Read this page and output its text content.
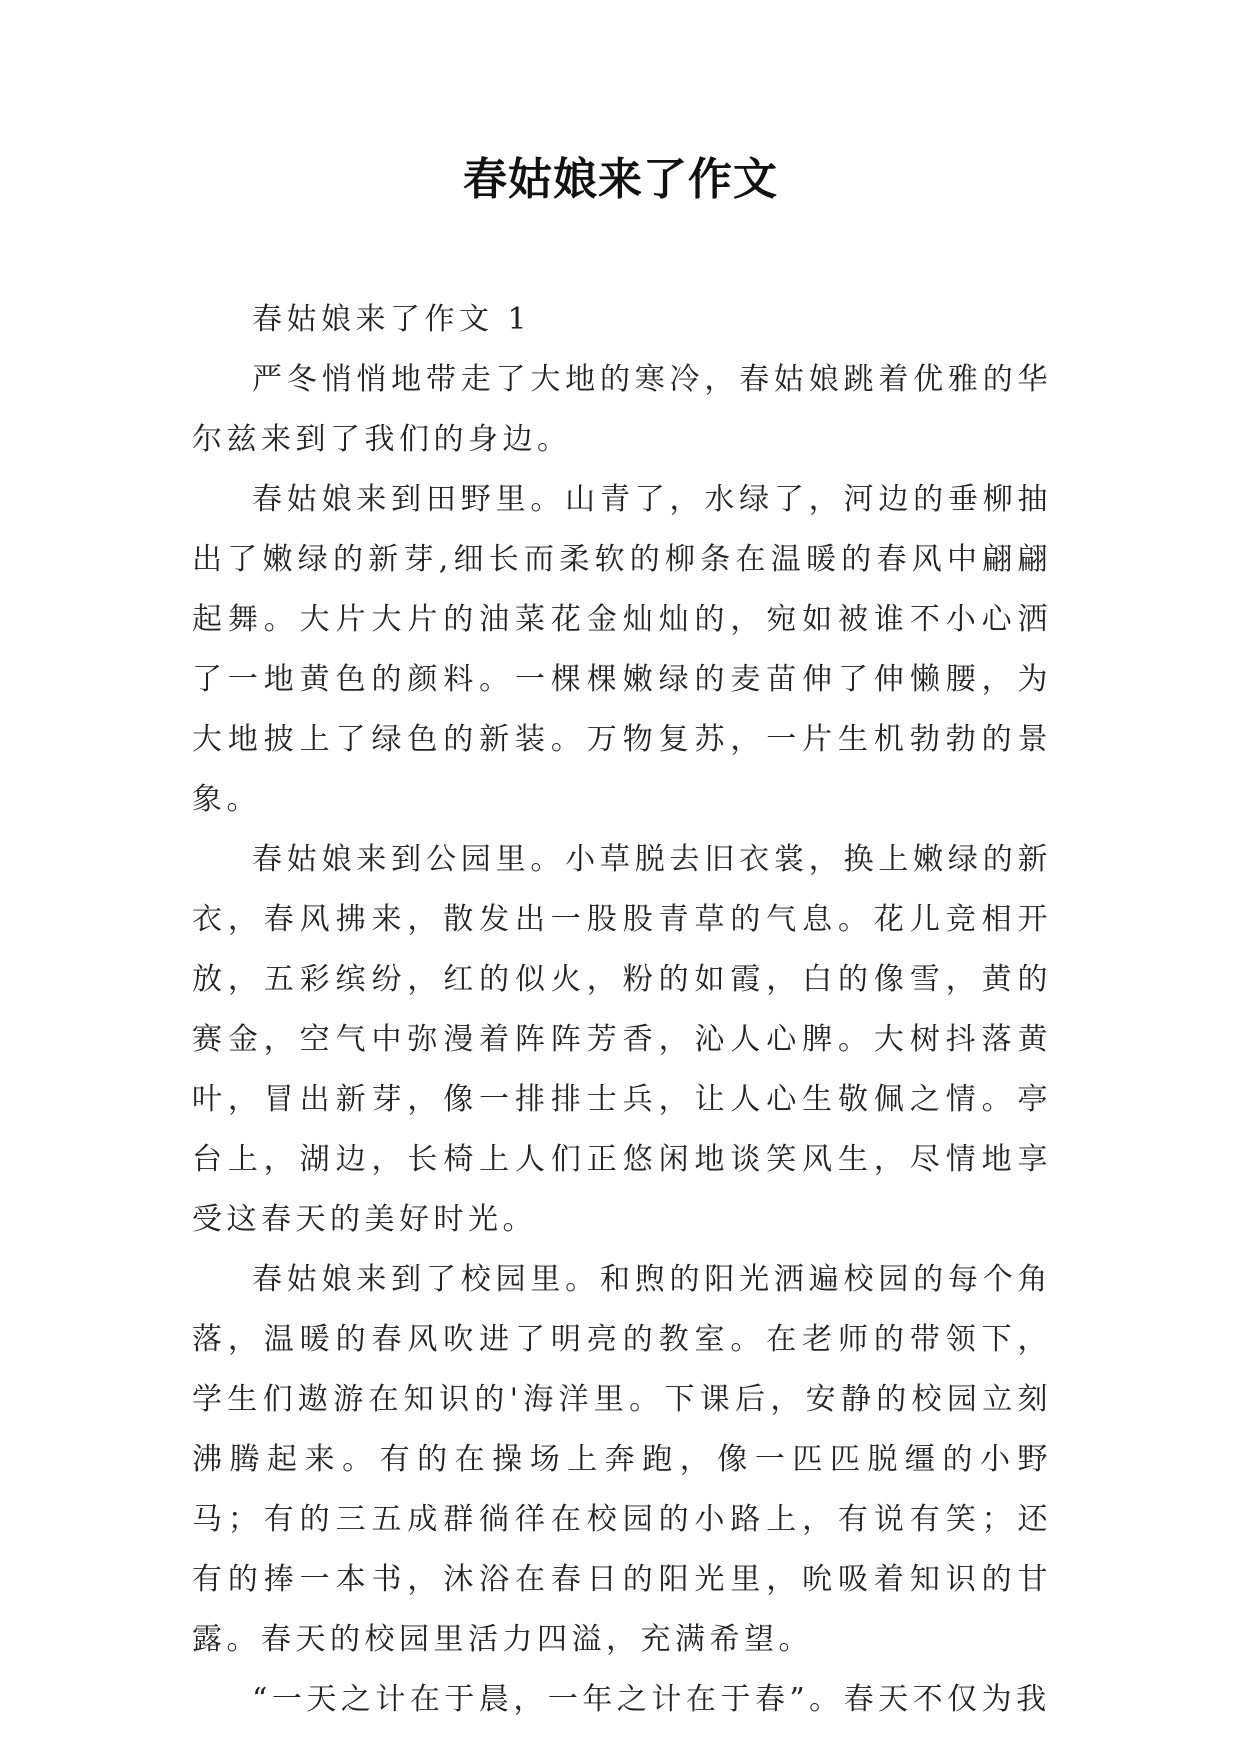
春姑娘来了作文

春姑娘来了作文 1

严冬悄悄地带走了大地的寒冷，春姑娘跳着优雅的华尔兹来到了我们的身边。

春姑娘来到田野里。山青了，水绿了，河边的垂柳抽出了嫩绿的新芽,细长而柔软的柳条在温暖的春风中翩翩起舞。大片大片的油菜花金灿灿的，宛如被谁不小心洒了一地黄色的颜料。一棵棵嫩绿的麦苗伸了伸懒腰，为大地披上了绿色的新装。万物复苏，一片生机勃勃的景象。

春姑娘来到公园里。小草脱去旧衣裳，换上嫩绿的新衣，春风拂来，散发出一股股青草的气息。花儿竞相开放，五彩缤纷，红的似火，粉的如霞，白的像雪，黄的赛金，空气中弥漫着阵阵芳香，沁人心脾。大树抖落黄叶，冒出新芽，像一排排士兵，让人心生敬佩之情。亭台上，湖边，长椅上人们正悠闲地谈笑风生，尽情地享受这春天的美好时光。

春姑娘来到了校园里。和煦的阳光洒遍校园的每个角落，温暖的春风吹进了明亮的教室。在老师的带领下，学生们遨游在知识的'海洋里。下课后，安静的校园立刻沸腾起来。有的在操场上奔跑，像一匹匹脱缰的小野马；有的三五成群徜徉在校园的小路上，有说有笑；还有的捧一本书，沐浴在春日的阳光里，吮吸着知识的甘露。春天的校园里活力四溢，充满希望。

“一天之计在于晨，一年之计在于春”。春天不仅为我
